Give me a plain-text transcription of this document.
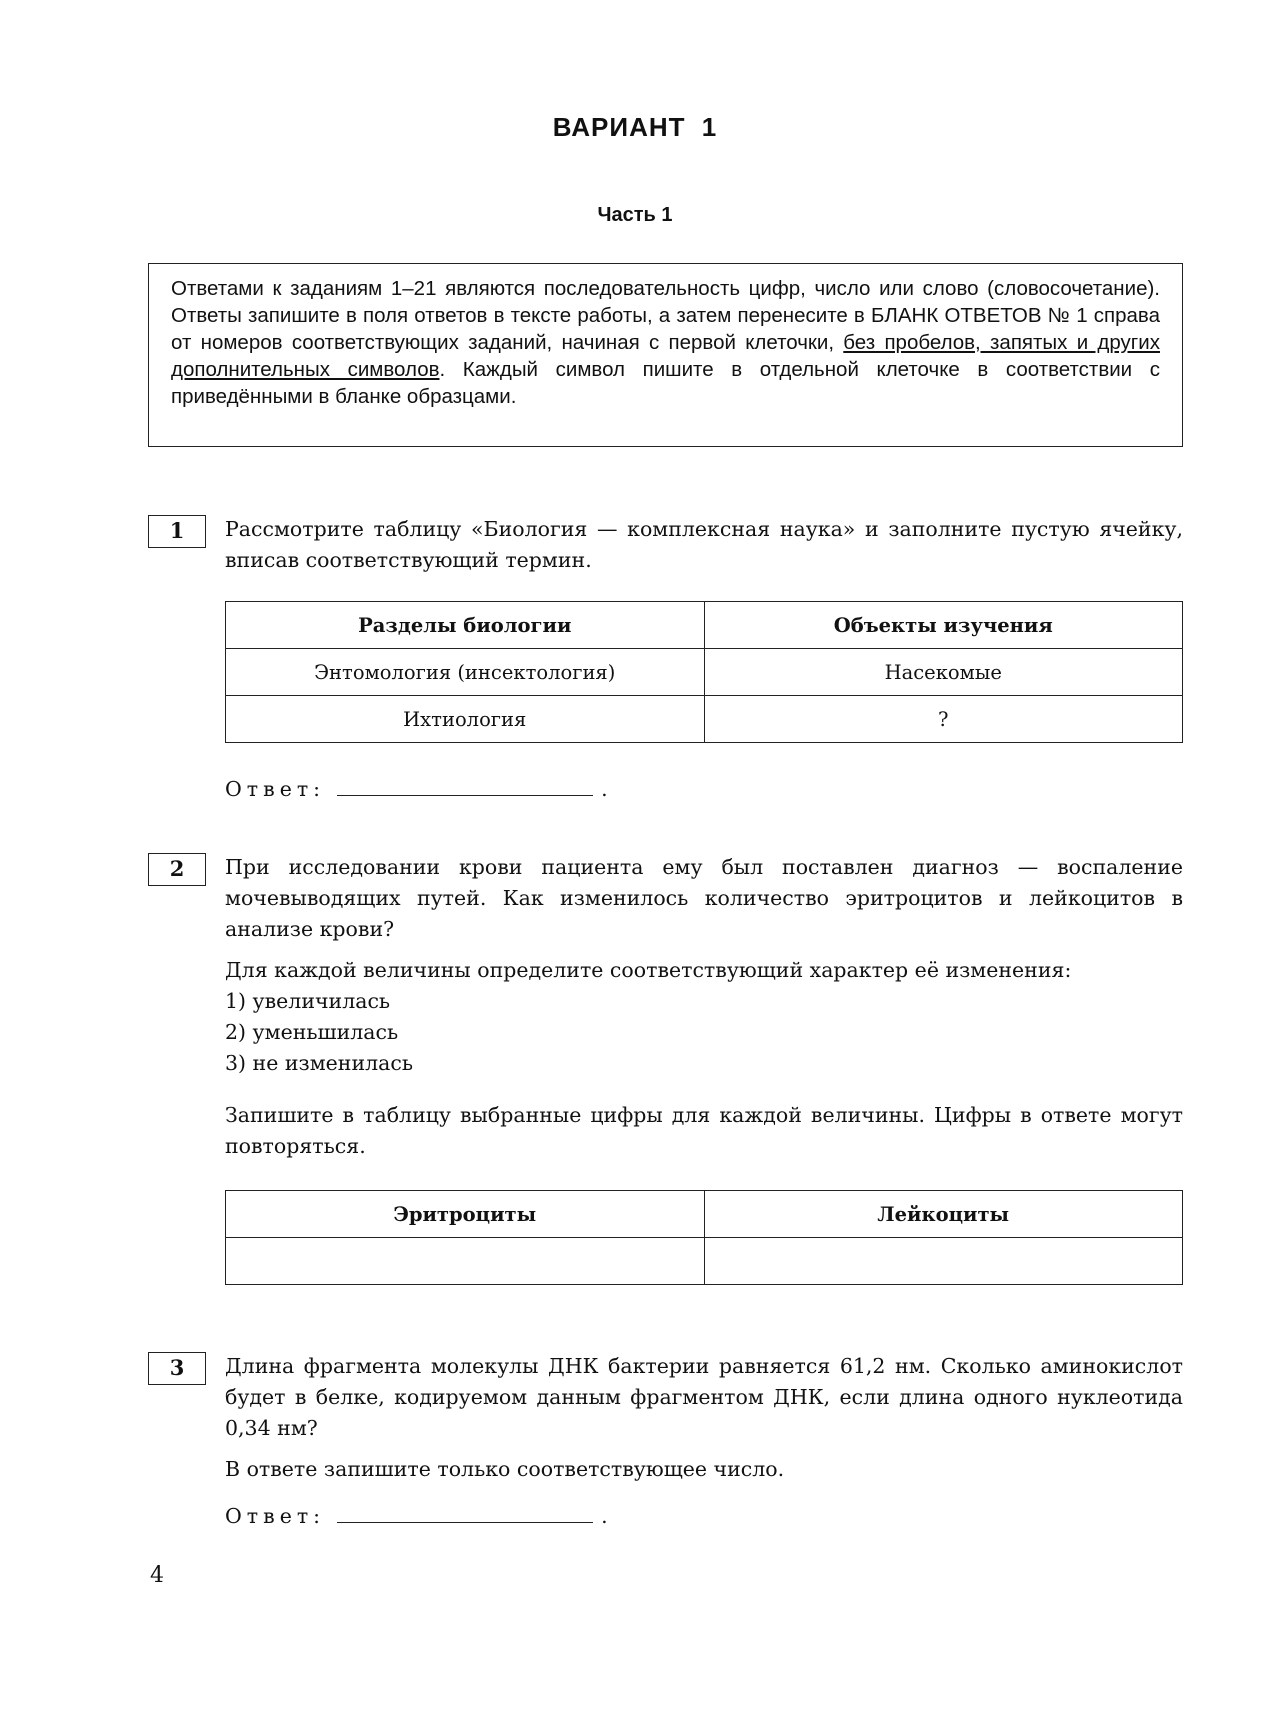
ВАРИАНТ 1
Часть 1
Ответами к заданиям 1–21 являются последовательность цифр, число или слово (словосочетание). Ответы запишите в поля ответов в тексте работы, а затем перенесите в БЛАНК ОТВЕТОВ № 1 справа от номеров соответствующих заданий, начиная с первой клеточки, без пробелов, запятых и других дополнительных символов. Каждый символ пишите в отдельной клеточке в соответствии с приведёнными в бланке образцами.
1	Рассмотрите таблицу «Биология — комплексная наука» и заполните пустую ячейку, вписав соответствующий термин.
Разделы биологии	Объекты изучения
Энтомология (инсектология)	Насекомые
Ихтиология	?
Ответ:	.
2	При исследовании крови пациента ему был поставлен диагноз — воспаление мочевыводящих путей. Как изменилось количество эритроцитов и лейкоцитов в анализе крови?

Для каждой величины определите соответствующий характер её изменения:
1) увеличилась
2) уменьшилась
3) не изменилась

Запишите в таблицу выбранные цифры для каждой величины. Цифры в ответе могут повторяться.

Эритроциты	Лейкоциты

3	Длина фрагмента молекулы ДНК бактерии равняется 61,2 нм. Сколько аминокислот будет в белке, кодируемом данным фрагментом ДНК, если длина одного нуклеотида 0,34 нм?

В ответе запишите только соответствующее число.

Ответ:	.
4
